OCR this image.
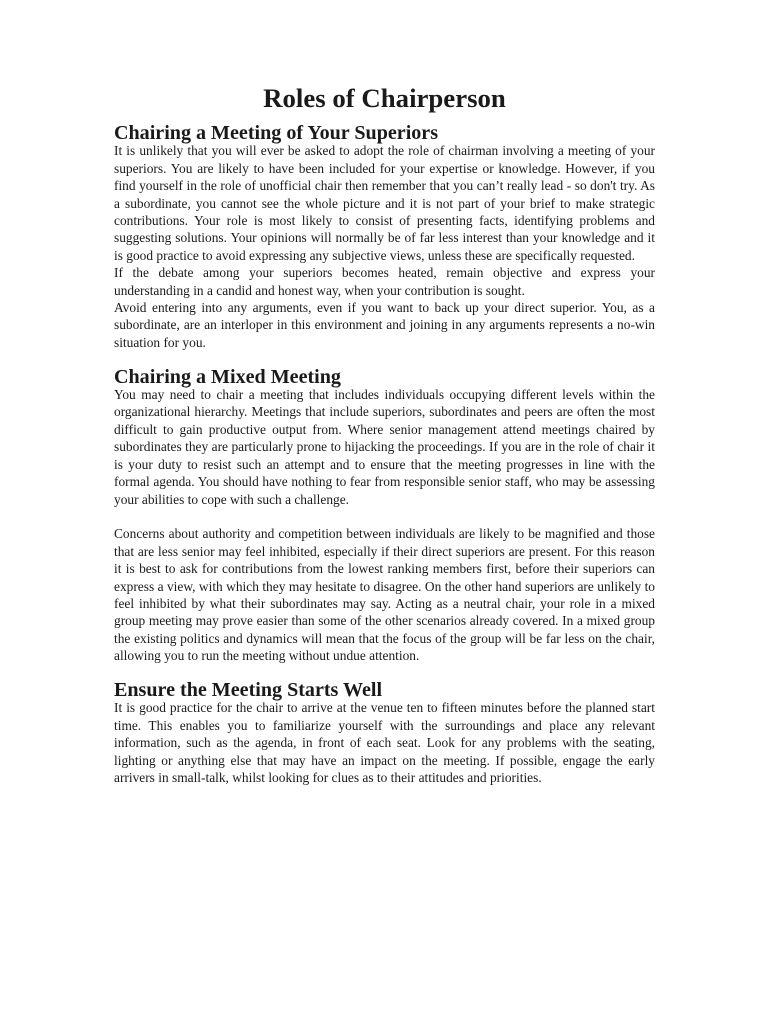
Roles of Chairperson
Chairing a Meeting of Your Superiors

It is unlikely that you will ever be asked to adopt the role of chairman involving a meeting of your superiors. You are likely to have been included for your expertise or knowledge. However, if you find yourself in the role of unofficial chair then remember that you can’t really lead - so don't try. As a subordinate, you cannot see the whole picture and it is not part of your brief to make strategic contributions. Your role is most likely to consist of presenting facts, identifying problems and suggesting solutions. Your opinions will normally be of far less interest than your knowledge and it is good practice to avoid expressing any subjective views, unless these are specifically requested.

If the debate among your superiors becomes heated, remain objective and express your understanding in a candid and honest way, when your contribution is sought.

Avoid entering into any arguments, even if you want to back up your direct superior. You, as a subordinate, are an interloper in this environment and joining in any arguments represents a no-win situation for you.

Chairing a Mixed Meeting

You may need to chair a meeting that includes individuals occupying different levels within the organizational hierarchy. Meetings that include superiors, subordinates and peers are often the most difficult to gain productive output from. Where senior management attend meetings chaired by subordinates they are particularly prone to hijacking the proceedings. If you are in the role of chair it is your duty to resist such an attempt and to ensure that the meeting progresses in line with the formal agenda. You should have nothing to fear from responsible senior staff, who may be assessing your abilities to cope with such a challenge.

Concerns about authority and competition between individuals are likely to be magnified and those that are less senior may feel inhibited, especially if their direct superiors are present. For this reason it is best to ask for contributions from the lowest ranking members first, before their superiors can express a view, with which they may hesitate to disagree. On the other hand superiors are unlikely to feel inhibited by what their subordinates may say. Acting as a neutral chair, your role in a mixed group meeting may prove easier than some of the other scenarios already covered. In a mixed group the existing politics and dynamics will mean that the focus of the group will be far less on the chair, allowing you to run the meeting without undue attention.

Ensure the Meeting Starts Well

It is good practice for the chair to arrive at the venue ten to fifteen minutes before the planned start time. This enables you to familiarize yourself with the surroundings and place any relevant information, such as the agenda, in front of each seat. Look for any problems with the seating, lighting or anything else that may have an impact on the meeting. If possible, engage the early arrivers in small-talk, whilst looking for clues as to their attitudes and priorities.
